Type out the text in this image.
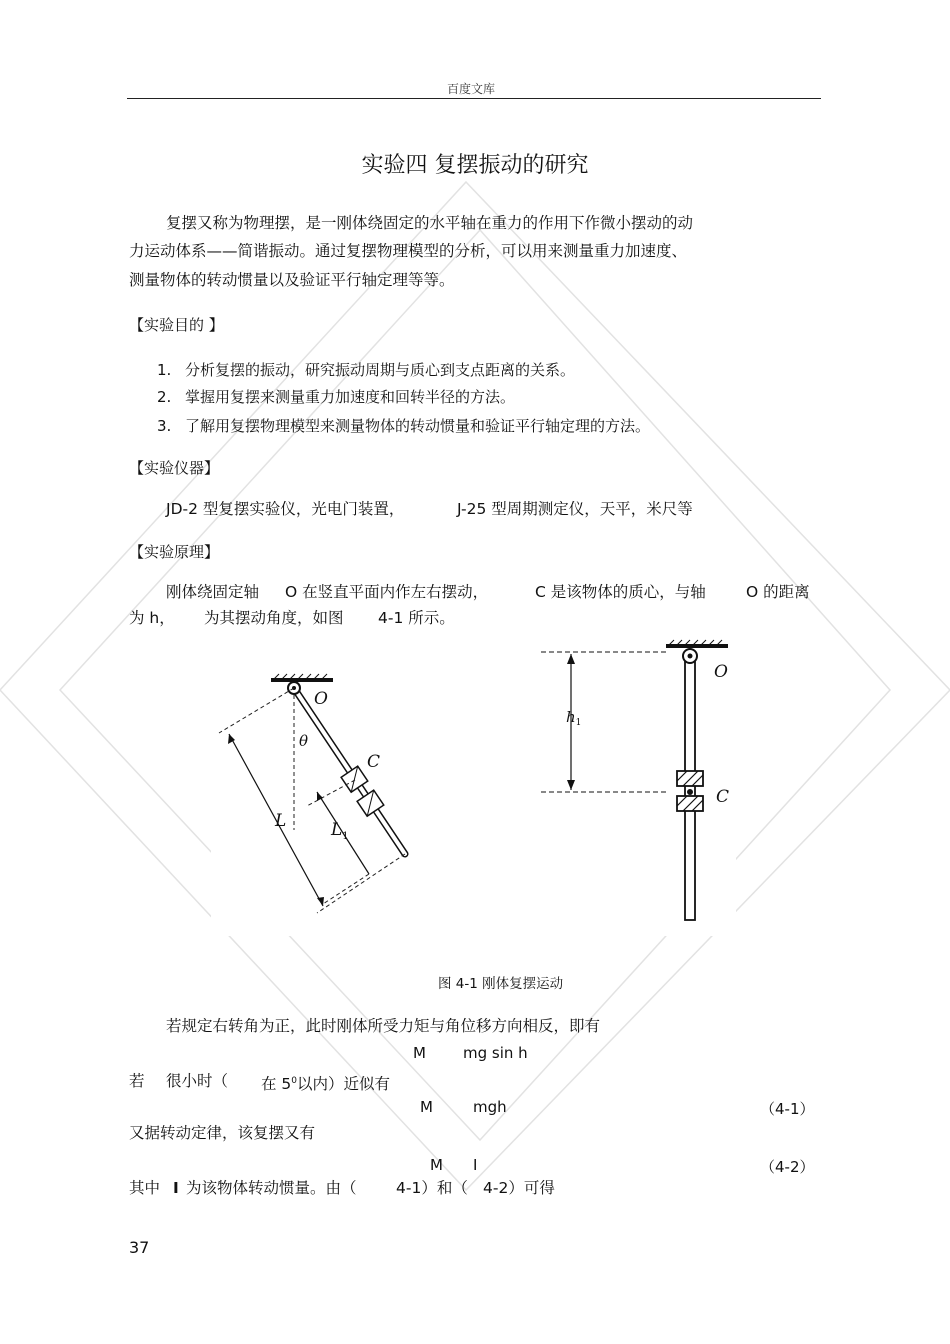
百度文库
实验四 复摆振动的研究
复摆又称为物理摆，是一刚体绕固定的水平轴在重力的作用下作微小摆动的动
力运动体系——简谐振动。通过复摆物理模型的分析，可以用来测量重力加速度、
测量物体的转动惯量以及验证平行轴定理等等。
【实验目的 】
1. 分析复摆的振动，研究振动周期与质心到支点距离的关系。
2. 掌握用复摆来测量重力加速度和回转半径的方法。
3. 了解用复摆物理模型来测量物体的转动惯量和验证平行轴定理的方法。
【实验仪器】
JD-2 型复摆实验仪，光电门装置，	J-25 型周期测定仪，天平，米尺等
【实验原理】
刚体绕固定轴 O 在竖直平面内作左右摆动，	C 是该物体的质心，与轴	O 的距离
为 h， 为其摆动角度，如图 4-1 所示。
O
θ
C
L	$L_1$
$h_1$
O
C
图 4-1 刚体复摆运动
若规定右转角为正，此时刚体所受力矩与角位移方向相反，即有
M mg sin h
若 很小时（ 在 $5^0$以内）近似有
M	mgh	（4-1）
又据转动定律，该复摆又有
M I	（4-2）
其中 I 为该物体转动惯量。由（	4-1）和（ 4-2）可得
37
